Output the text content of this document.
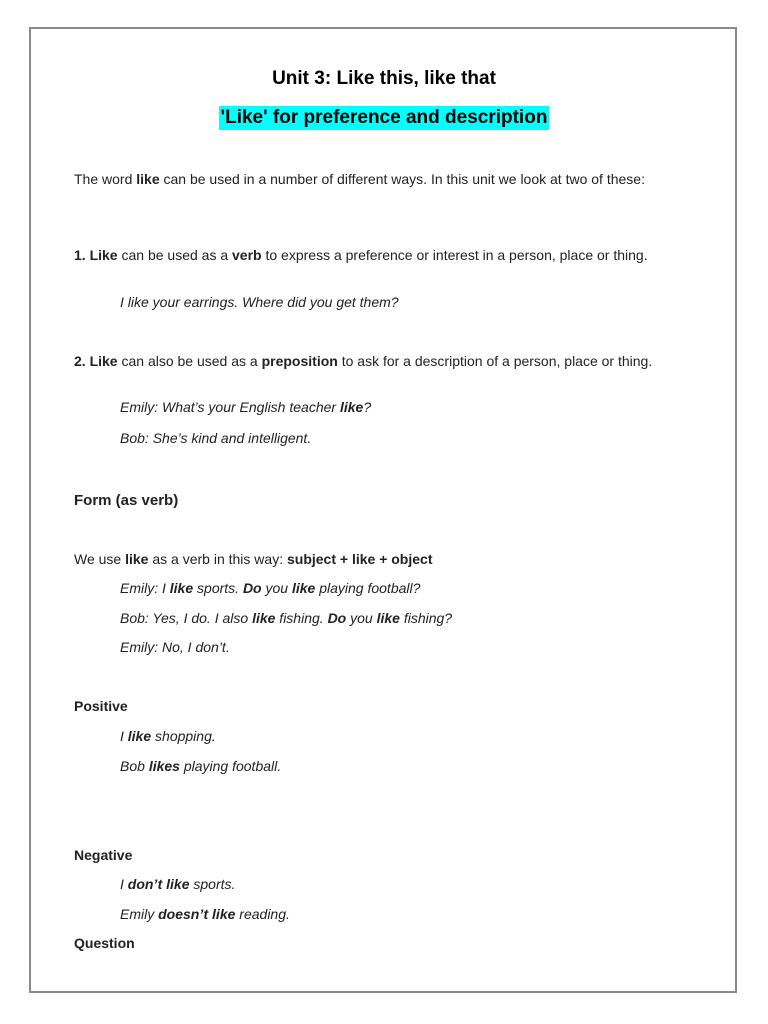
Unit 3: Like this, like that
'Like' for preference and description
The word like can be used in a number of different ways. In this unit we look at two of these:
1. Like can be used as a verb to express a preference or interest in a person, place or thing.
I like your earrings. Where did you get them?
2. Like can also be used as a preposition to ask for a description of a person, place or thing.
Emily: What’s your English teacher like?
Bob: She’s kind and intelligent.
Form (as verb)
We use like as a verb in this way: subject + like + object
Emily: I like sports. Do you like playing football?
Bob: Yes, I do. I also like fishing. Do you like fishing?
Emily: No, I don’t.
Positive
I like shopping.
Bob likes playing football.
Negative
I don’t like sports.
Emily doesn’t like reading.
Question
